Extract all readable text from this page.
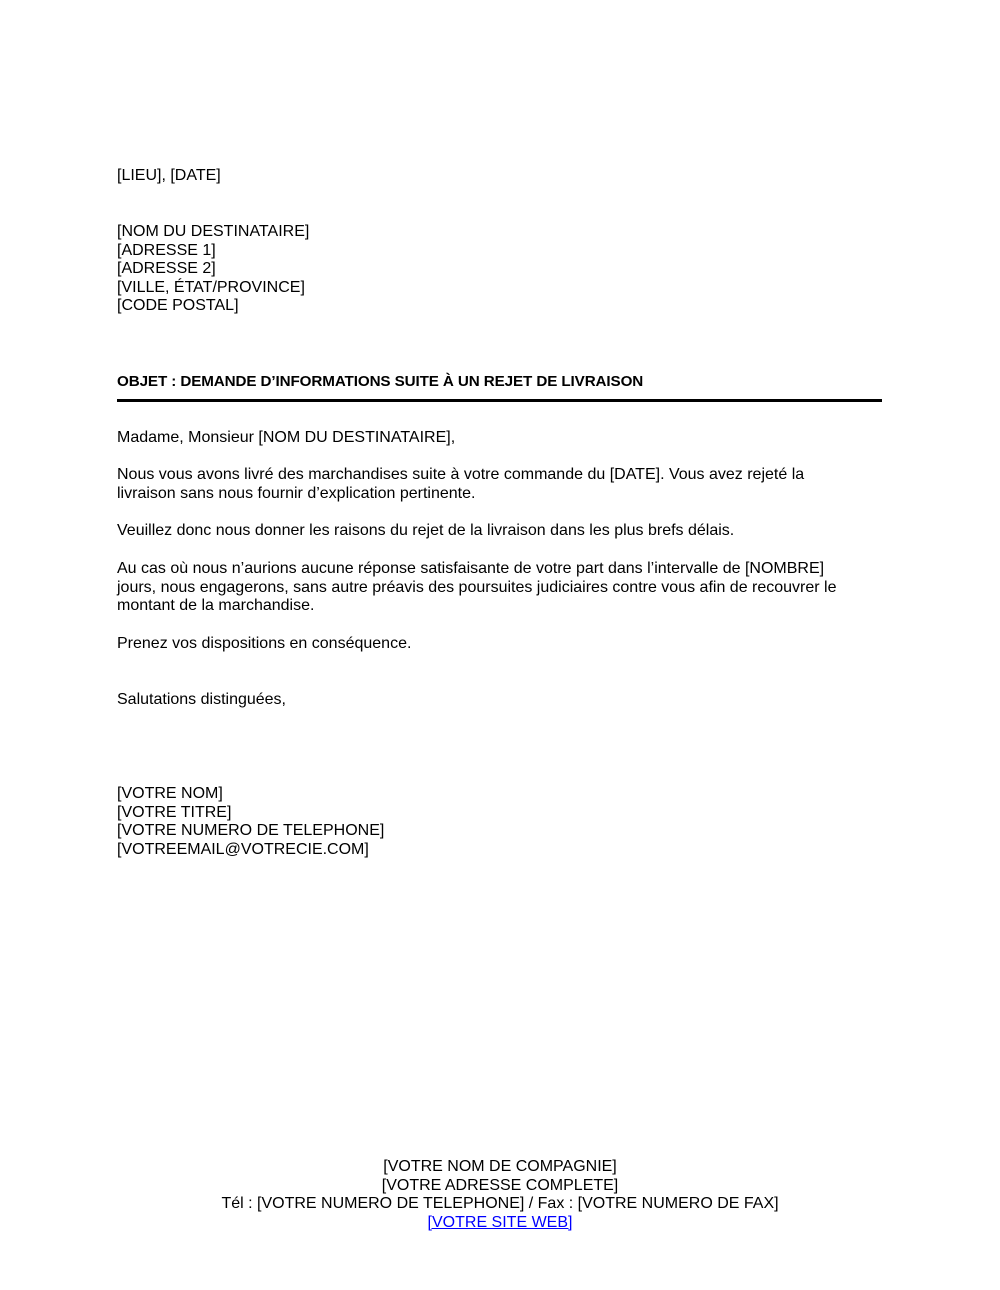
[LIEU], [DATE]
[NOM DU DESTINATAIRE]
[ADRESSE 1]
[ADRESSE 2]
[VILLE, ÉTAT/PROVINCE]
[CODE POSTAL]
OBJET : DEMANDE D’INFORMATIONS SUITE À UN REJET DE LIVRAISON
Madame, Monsieur [NOM DU DESTINATAIRE],
Nous vous avons livré des marchandises suite à votre commande du [DATE]. Vous avez rejeté la livraison sans nous fournir d’explication pertinente.
Veuillez donc nous donner les raisons du rejet de la livraison dans les plus brefs délais.
Au cas où nous n’aurions aucune réponse satisfaisante de votre part dans l’intervalle de [NOMBRE] jours, nous engagerons, sans autre préavis des poursuites judiciaires contre vous afin de recouvrer le montant de la marchandise.
Prenez vos dispositions en conséquence.
Salutations distinguées,
[VOTRE NOM]
[VOTRE TITRE]
[VOTRE NUMERO DE TELEPHONE]
[VOTREEMAIL@VOTRECIE.COM]
[VOTRE NOM DE COMPAGNIE]
[VOTRE ADRESSE COMPLETE]
Tél : [VOTRE NUMERO DE TELEPHONE] / Fax : [VOTRE NUMERO DE FAX]
[VOTRE SITE WEB]
